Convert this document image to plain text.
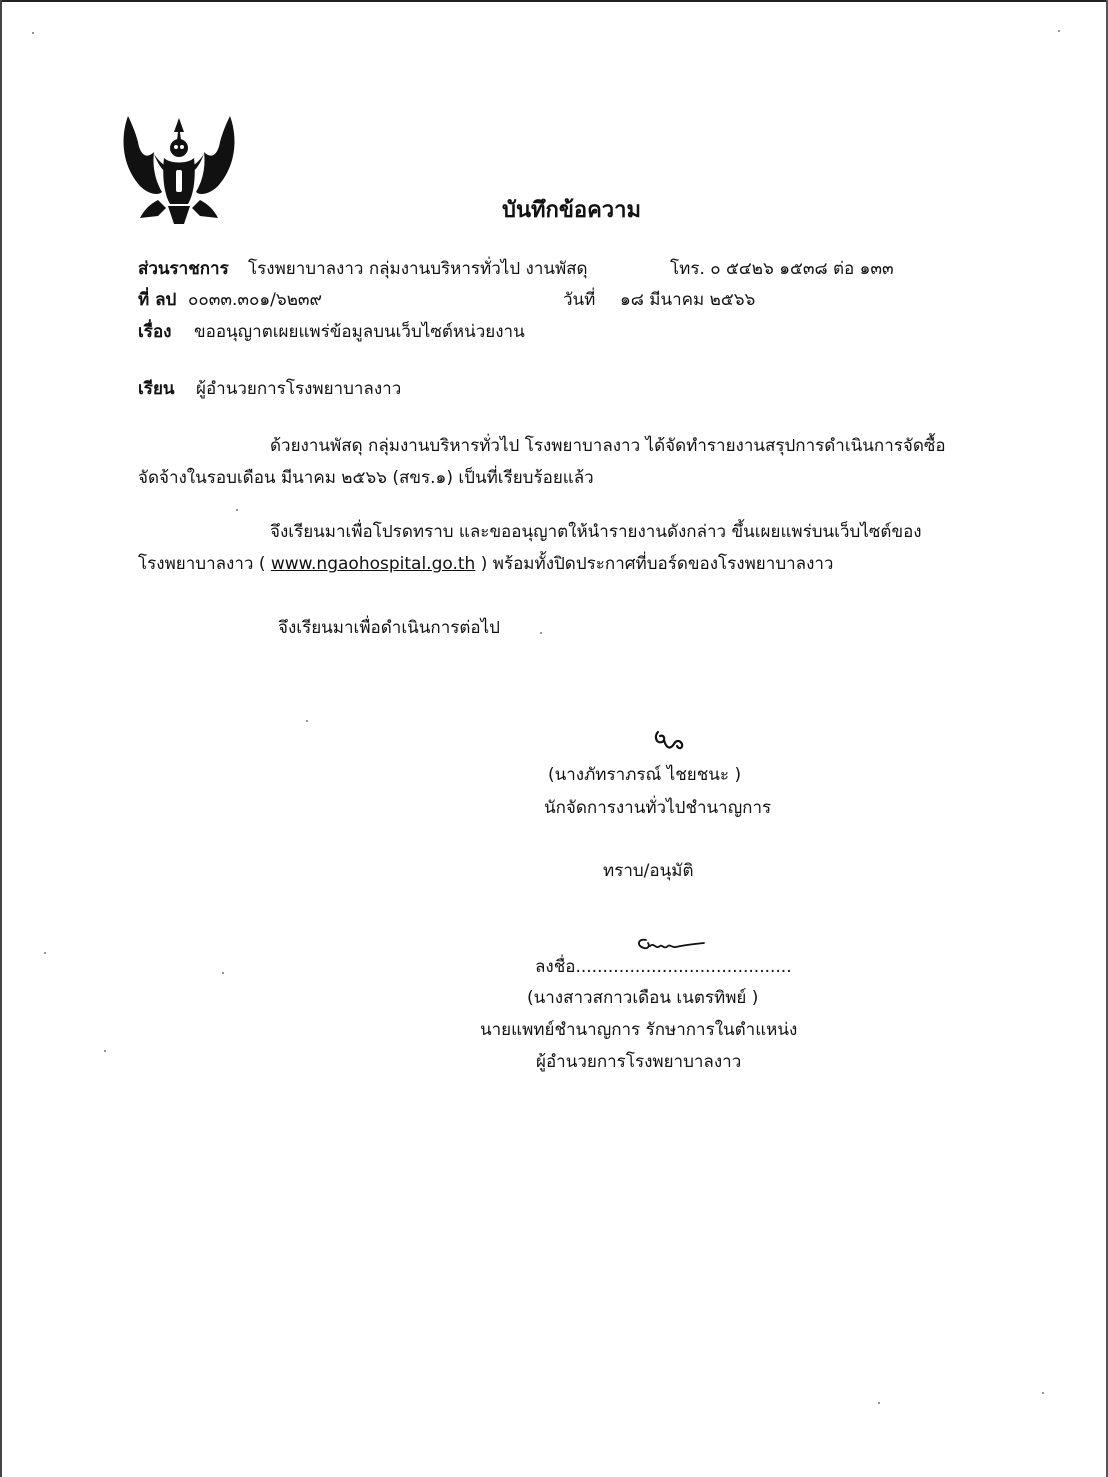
บันทึกข้อความ
ส่วนราชการ โรงพยาบาลงาว กลุ่มงานบริหารทั่วไป งานพัสดุ	โทร. ๐ ๕๔๒๖ ๑๕๓๘ ต่อ ๑๓๓
ที่ ลป ๐๐๓๓.๓๐๑/๖๒๓๙	วันที่ ๑๘ มีนาคม ๒๕๖๖
เรื่อง ขออนุญาตเผยแพร่ข้อมูลบนเว็บไซต์หน่วยงาน
เรียน ผู้อำนวยการโรงพยาบาลงาว
ด้วยงานพัสดุ กลุ่มงานบริหารทั่วไป โรงพยาบาลงาว ได้จัดทำรายงานสรุปการดำเนินการจัดซื้อ
จัดจ้างในรอบเดือน มีนาคม ๒๕๖๖ (สขร.๑) เป็นที่เรียบร้อยแล้ว
จึงเรียนมาเพื่อโปรดทราบ และขออนุญาตให้นำรายงานดังกล่าว ขึ้นเผยแพร่บนเว็บไซต์ของ
โรงพยาบาลงาว ( www.ngaohospital.go.th ) พร้อมทั้งปิดประกาศที่บอร์ดของโรงพยาบาลงาว
จึงเรียนมาเพื่อดำเนินการต่อไป
(นางภัทราภรณ์ ไชยชนะ )
นักจัดการงานทั่วไปชำนาญการ
ทราบ/อนุมัติ
ลงชื่อ........................................
(นางสาวสกาวเดือน เนตรทิพย์ )
นายแพทย์ชำนาญการ รักษาการในตำแหน่ง
ผู้อำนวยการโรงพยาบาลงาว
